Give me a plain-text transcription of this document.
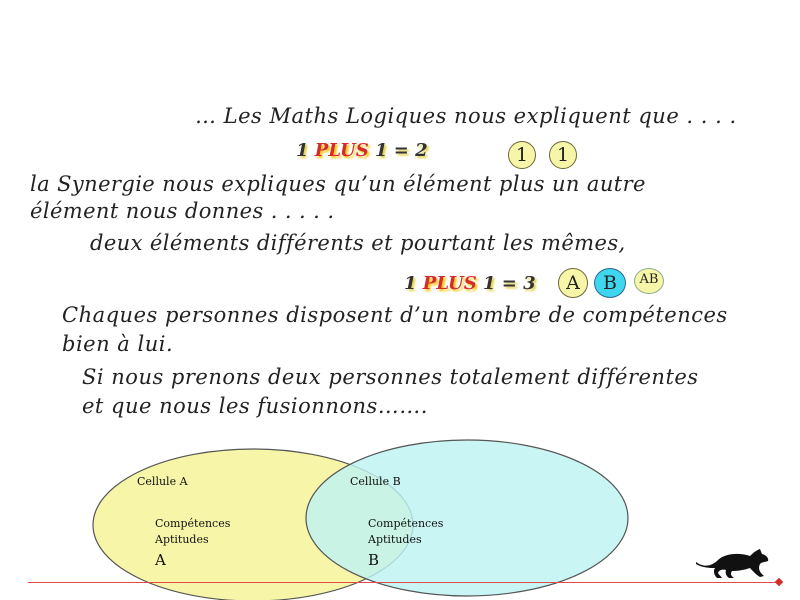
… Les Maths Logiques nous expliquent que . . . .
1 PLUS 1 = 2	1	1
la Synergie nous expliques qu’un élément plus un autre
élément nous donnes . . . . .
deux éléments différents et pourtant les mêmes,
1 PLUS 1 = 3	A	B	AB
Chaques personnes disposent d’un nombre de compétences
bien à lui.
Si nous prenons deux personnes totalement différentes
et que nous les fusionnons…….
Cellule A
Compétences
Aptitudes
A
Cellule B
Compétences
Aptitudes
B
